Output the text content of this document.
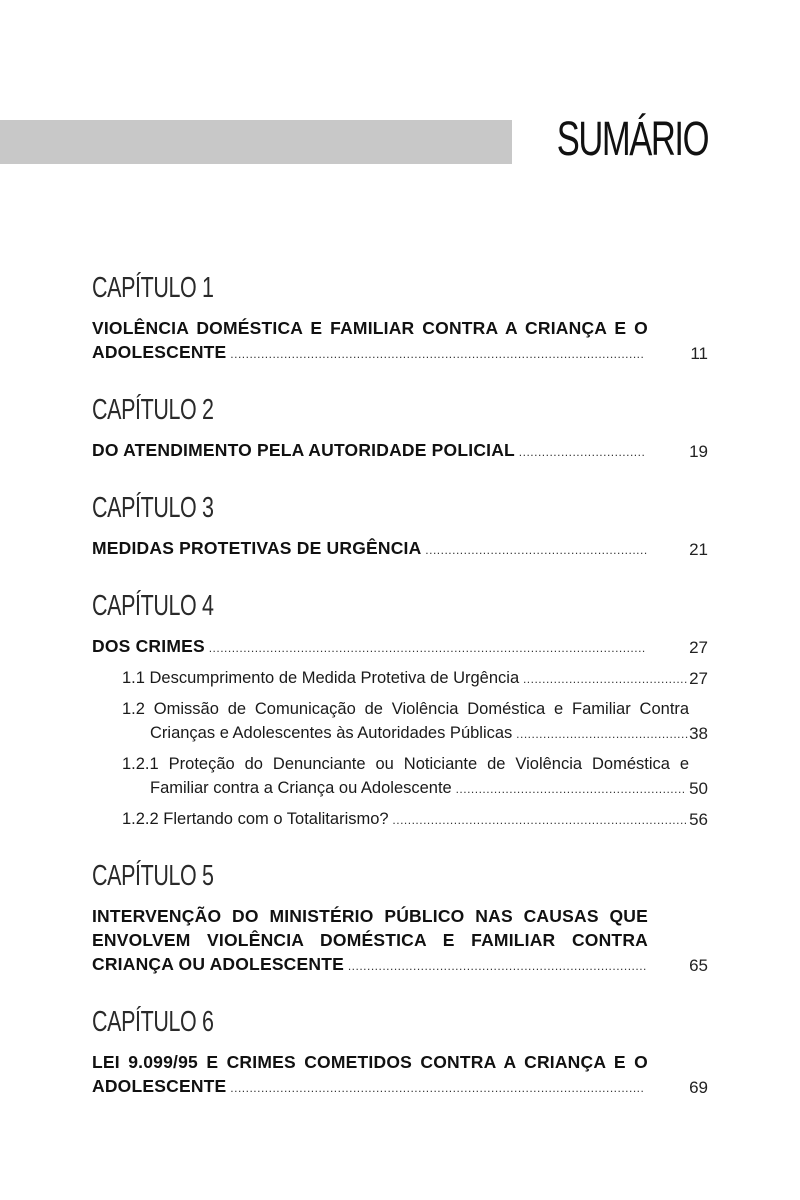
SUMÁRIO
CAPÍTULO 1
VIOLÊNCIA DOMÉSTICA E FAMILIAR CONTRA A CRIANÇA E O ADOLESCENTE ............................................................................................................	11
CAPÍTULO 2
DO ATENDIMENTO PELA AUTORIDADE POLICIAL .................................	19
CAPÍTULO 3
MEDIDAS PROTETIVAS DE URGÊNCIA ..........................................................	21
CAPÍTULO 4
DOS CRIMES ..................................................................................................................	27
1.1 Descumprimento de Medida Protetiva de Urgência ........................................... 27
1.2 Omissão de Comunicação de Violência Doméstica e Familiar Contra Crianças e Adolescentes às Autoridades Públicas ............................................. 38
1.2.1 Proteção do Denunciante ou Noticiante de Violência Doméstica e Familiar contra a Criança ou Adolescente ............................................................ 50
1.2.2 Flertando com o Totalitarismo? ............................................................................. 56
CAPÍTULO 5
INTERVENÇÃO DO MINISTÉRIO PÚBLICO NAS CAUSAS QUE ENVOLVEM VIOLÊNCIA DOMÉSTICA E FAMILIAR CONTRA CRIANÇA OU ADOLESCENTE ..............................................................................	65
CAPÍTULO 6
LEI 9.099/95 E CRIMES COMETIDOS CONTRA A CRIANÇA E O ADOLESCENTE ............................................................................................................	69
